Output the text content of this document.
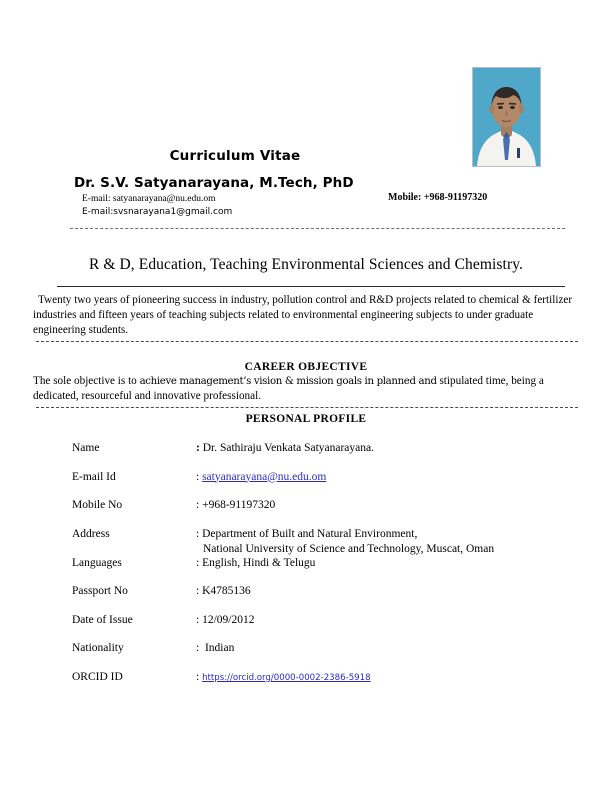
Curriculum Vitae
Dr. S.V. Satyanarayana, M.Tech, PhD
E-mail: satyanarayana@nu.edu.om
E-mail:svsnarayana1@gmail.com
Mobile: +968-91197320
R & D, Education, Teaching Environmental Sciences and Chemistry.
Twenty two years of pioneering success in industry, pollution control and R&D projects related to chemical & fertilizer industries and fifteen years of teaching subjects related to environmental engineering subjects to under graduate engineering students.
CAREER OBJECTIVE
The sole objective is to achieve management’s vision & mission goals in planned and stipulated time, being a dedicated, resourceful and innovative professional.
PERSONAL PROFILE
Name	: Dr. Sathiraju Venkata Satyanarayana.
E-mail Id	: satyanarayana@nu.edu.om
Mobile No	: +968-91197320
Address	: Department of Built and Natural Environment,
National University of Science and Technology, Muscat, Oman
Languages	: English, Hindi & Telugu
Passport No	: K4785136
Date of Issue	: 12/09/2012
Nationality	: Indian
ORCID ID	: https://orcid.org/0000-0002-2386-5918
